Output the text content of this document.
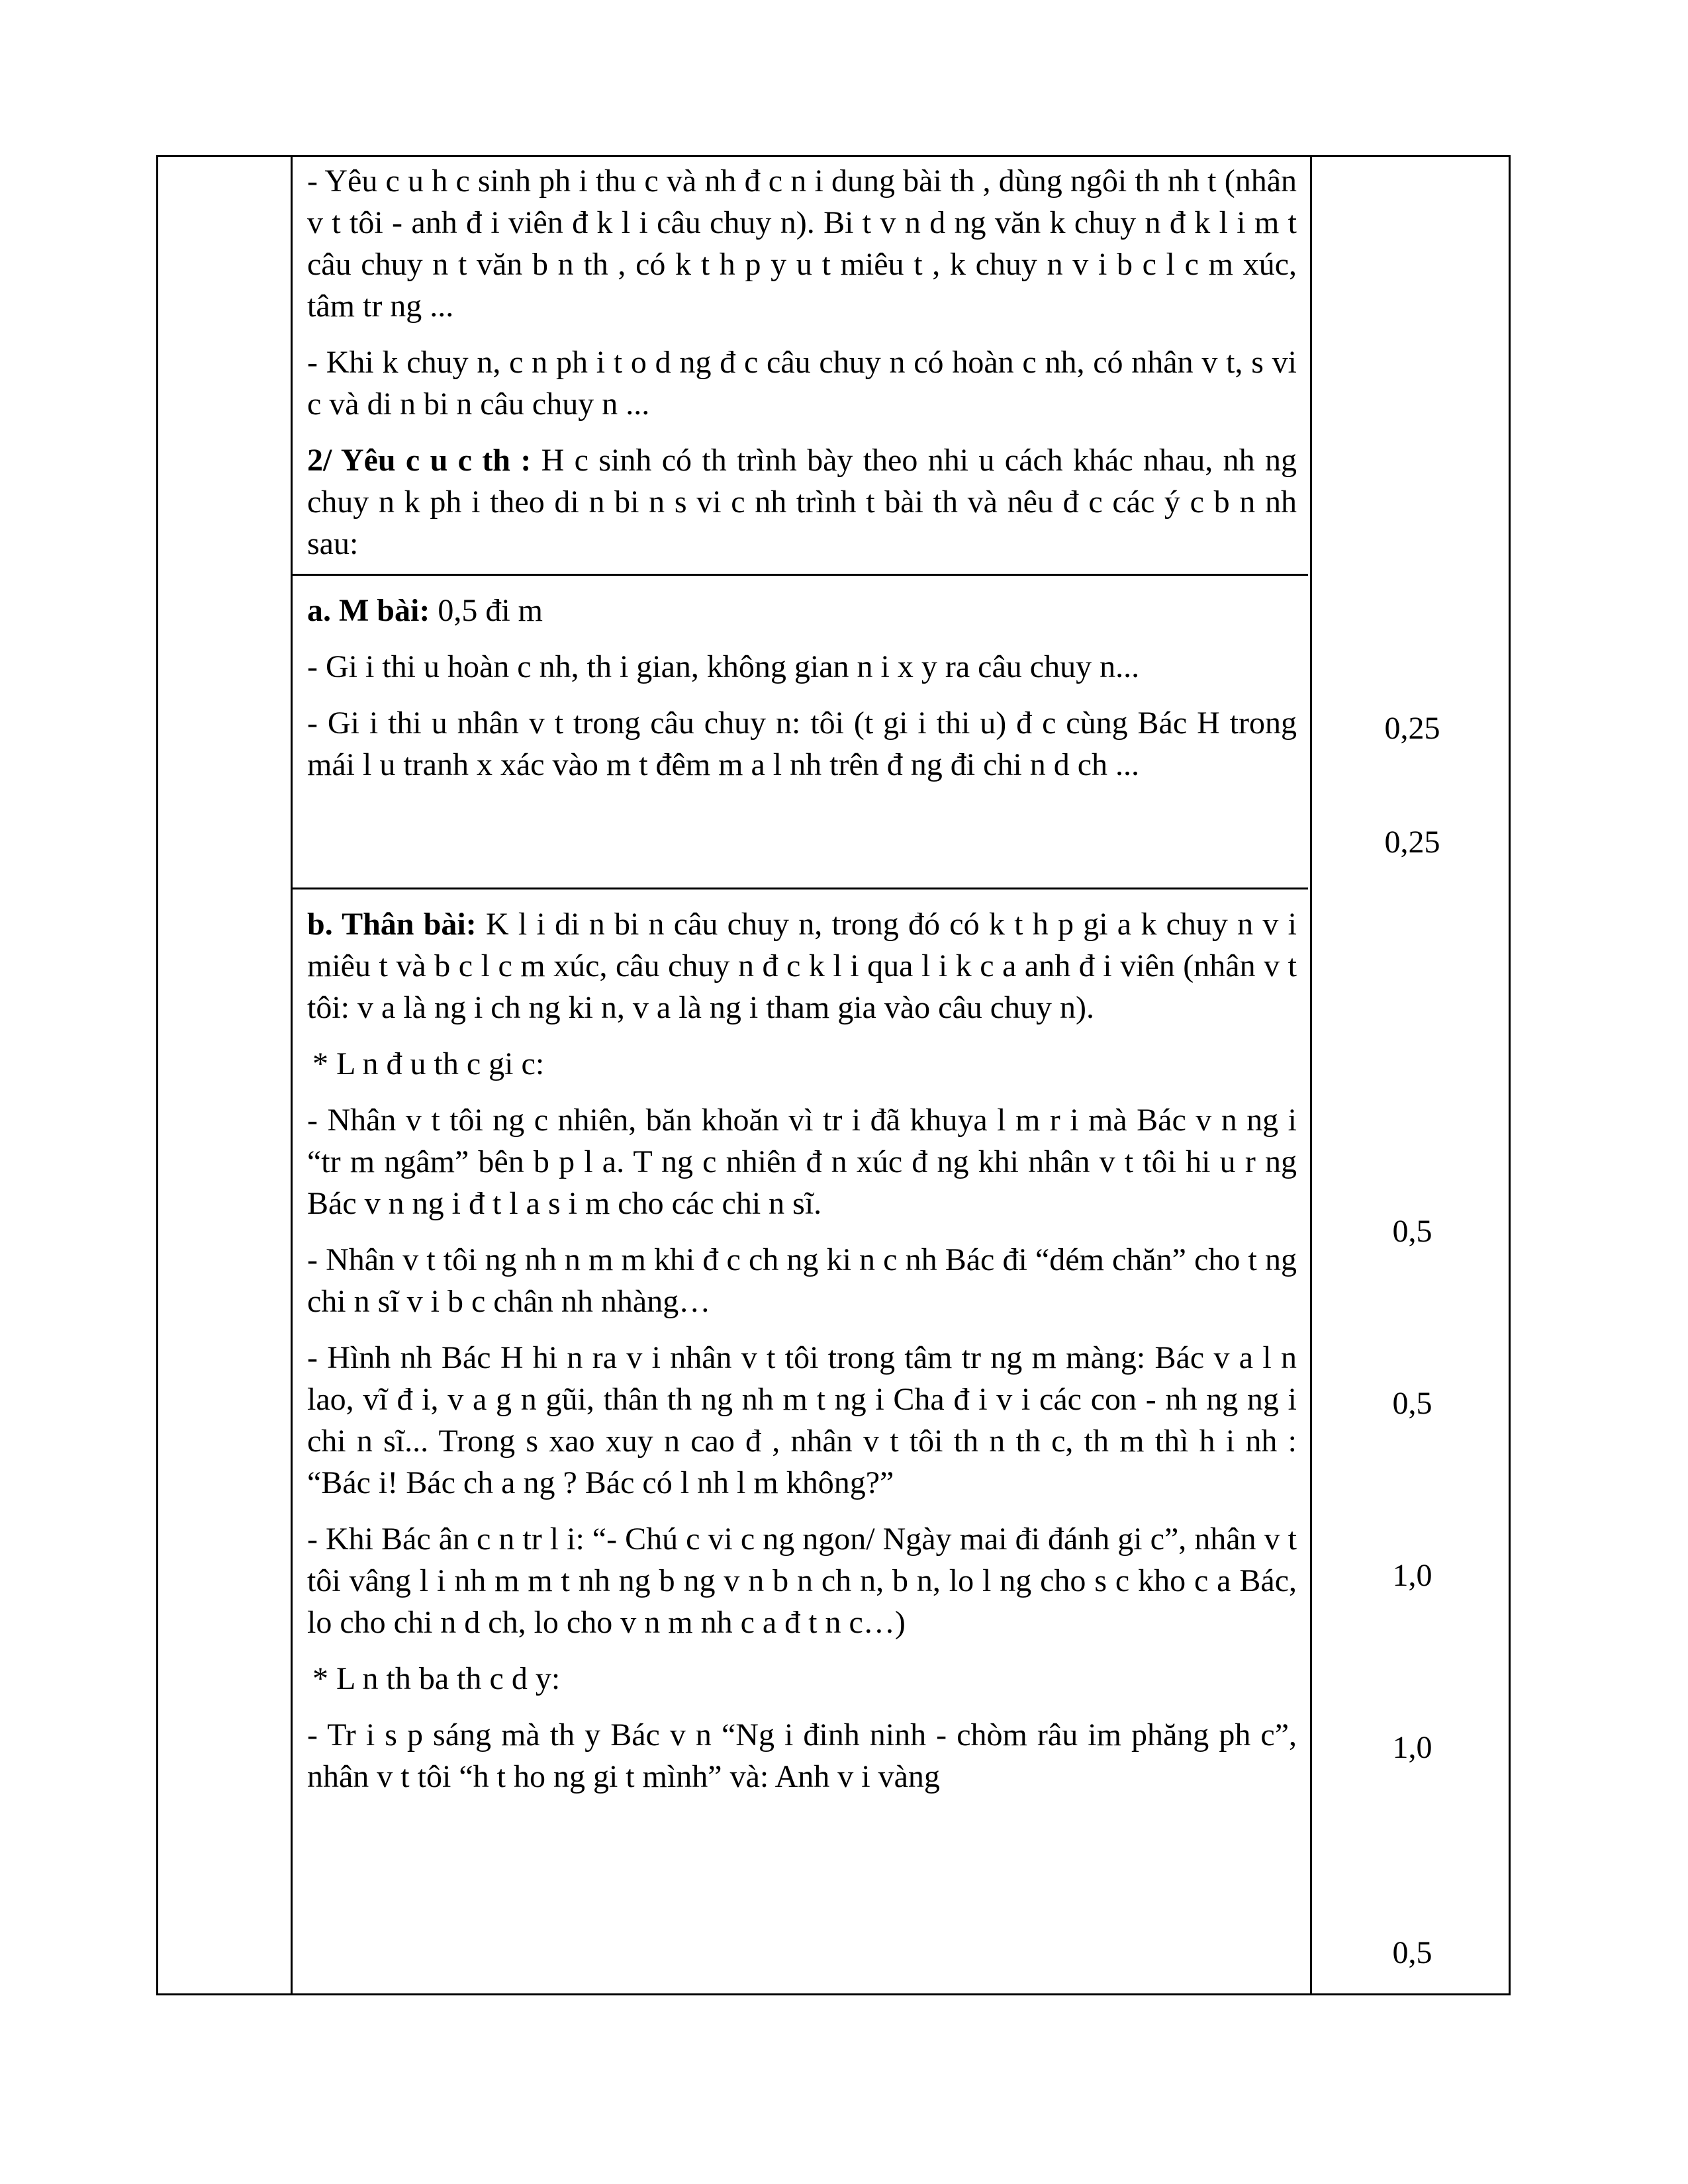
- Yêu c u h c sinh ph i thu c và nh đ c n i dung bài th , dùng ngôi th nh t (nhân v t tôi - anh đ i viên đ k l i câu chuy n). Bi t v n d ng văn k chuy n đ k l i m t câu chuy n t văn b n th , có k t h p y u t miêu t , k chuy n v i b c l c m xúc, tâm tr ng ...

- Khi k chuy n, c n ph i t o d ng đ c câu chuy n có hoàn c nh, có nhân v t, s vi c và di n bi n câu chuy n ...

2/ Yêu c u c th : H c sinh có th trình bày theo nhi u cách khác nhau, nh ng chuy n k ph i theo di n bi n s vi c nh trình t bài th và nêu đ c các ý c b n nh sau:

a. M bài: 0,5 đi m

- Gi i thi u hoàn c nh, th i gian, không gian n i x y ra câu chuy n...

- Gi i thi u nhân v t trong câu chuy n: tôi (t gi i thi u) đ c cùng Bác H trong mái l u tranh x xác vào m t đêm m a l nh trên đ ng đi chi n d ch ...

0,25
0,25

b. Thân bài: K l i di n bi n câu chuy n, trong đó có k t h p gi a k chuy n v i miêu t và b c l c m xúc, câu chuy n đ c k l i qua l i k c a anh đ i viên (nhân v t tôi: v a là ng i ch ng ki n, v a là ng i tham gia vào câu chuy n).

* L n đ u th c gi c:

- Nhân v t tôi ng c nhiên, băn khoăn vì tr i đã khuya l m r i mà Bác v n ng i “tr m ngâm” bên b p l a. T ng c nhiên đ n xúc đ ng khi nhân v t tôi hi u r ng Bác v n ng i đ t l a s i m cho các chi n sĩ.

- Nhân v t tôi ng nh n m m khi đ c ch ng ki n c nh Bác đi “dém chăn” cho t ng chi n sĩ v i b c chân nh nhàng…

- Hình nh Bác H hi n ra v i nhân v t tôi trong tâm tr ng m màng: Bác v a l n lao, vĩ đ i, v a g n gũi, thân th ng nh m t ng i Cha đ i v i các con - nh ng ng i chi n sĩ... Trong s xao xuy n cao đ , nhân v t tôi th n th c, th m thì h i nh : “Bác i! Bác ch a ng ? Bác có l nh l m không?”

- Khi Bác ân c n tr l i: “- Chú c vi c ng ngon/ Ngày mai đi đánh gi c”, nhân v t tôi vâng l i nh m m t nh ng b ng v n b n ch n, b n, lo l ng cho s c kho c a Bác, lo cho chi n d ch, lo cho v n m nh c a đ t n c…)

* L n th ba th c d y:

- Tr i s p sáng mà th y Bác v n “Ng i đinh ninh - chòm râu im phăng ph c”, nhân v t tôi “h t ho ng gi t mình” và: Anh v i vàng

0,5
0,5
1,0
1,0
0,5
